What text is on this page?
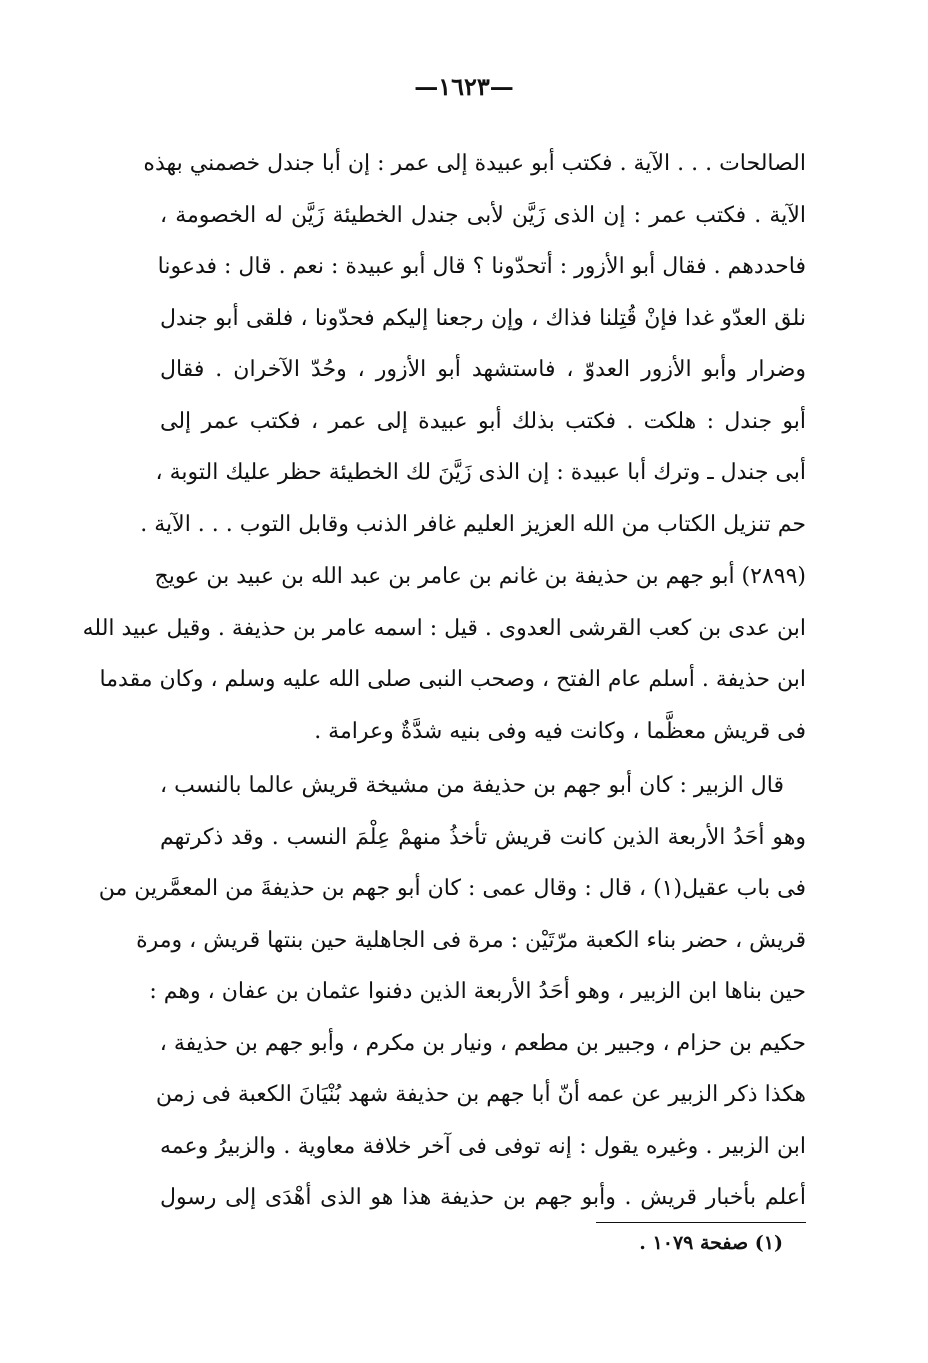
—١٦٢٣—
الصالحات . . . الآية . فكتب أبو عبيدة إلى عمر : إن أبا جندل خصمني بهذه
الآية . فكتب عمر : إن الذى زَيَّن لأبى جندل الخطيئة زَيَّن له الخصومة ،
فاحددهم . فقال أبو الأزور : أتحدّونا ؟ قال أبو عبيدة : نعم . قال : فدعونا
نلق العدّو غدا فإنْ قُتِلنا فذاك ، وإن رجعنا إليكم فحدّونا ، فلقى أبو جندل
وضرار وأبو الأزور العدوّ ، فاستشهد أبو الأزور ، وحُدّ الآخران . فقال
أبو جندل : هلكت . فكتب بذلك أبو عبيدة إلى عمر ، فكتب عمر إلى
أبى جندل ـ وترك أبا عبيدة : إن الذى زَيَّنَ لك الخطيئة حظر عليك التوبة ،
حم تنزيل الكتاب من الله العزيز العليم غافر الذنب وقابل التوب . . . الآية .
(٢٨٩٩) أبو جهم بن حذيفة بن غانم بن عامر بن عبد الله بن عبيد بن عويج
ابن عدى بن كعب القرشى العدوى . قيل : اسمه عامر بن حذيفة . وقيل عبيد الله
ابن حذيفة . أسلم عام الفتح ، وصحب النبى صلى الله عليه وسلم ، وكان مقدما
فى قريش معظَّما ، وكانت فيه وفى بنيه شدَّةٌ وعرامة .
قال الزبير : كان أبو جهم بن حذيفة من مشيخة قريش عالما بالنسب ،
وهو أحَدُ الأربعة الذين كانت قريش تأخذُ منهمْ عِلْمَ النسب . وقد ذكرتهم
فى باب عقيل(١) ، قال : وقال عمى : كان أبو جهم بن حذيفةَ من المعمَّرين من
قريش ، حضر بناء الكعبة مرّتَيْن : مرة فى الجاهلية حين بنتها قريش ، ومرة
حين بناها ابن الزبير ، وهو أحَدُ الأربعة الذين دفنوا عثمان بن عفان ، وهم :
حكيم بن حزام ، وجبير بن مطعم ، ونيار بن مكرم ، وأبو جهم بن حذيفة ،
هكذا ذكر الزبير عن عمه أنّ أبا جهم بن حذيفة شهد بُنْيَانَ الكعبة فى زمن
ابن الزبير . وغيره يقول : إنه توفى فى آخر خلافة معاوية . والزبيرُ وعمه
أعلم بأخبار قريش . وأبو جهم بن حذيفة هذا هو الذى أهْدَى إلى رسول
(١) صفحة ١٠٧٩ .
